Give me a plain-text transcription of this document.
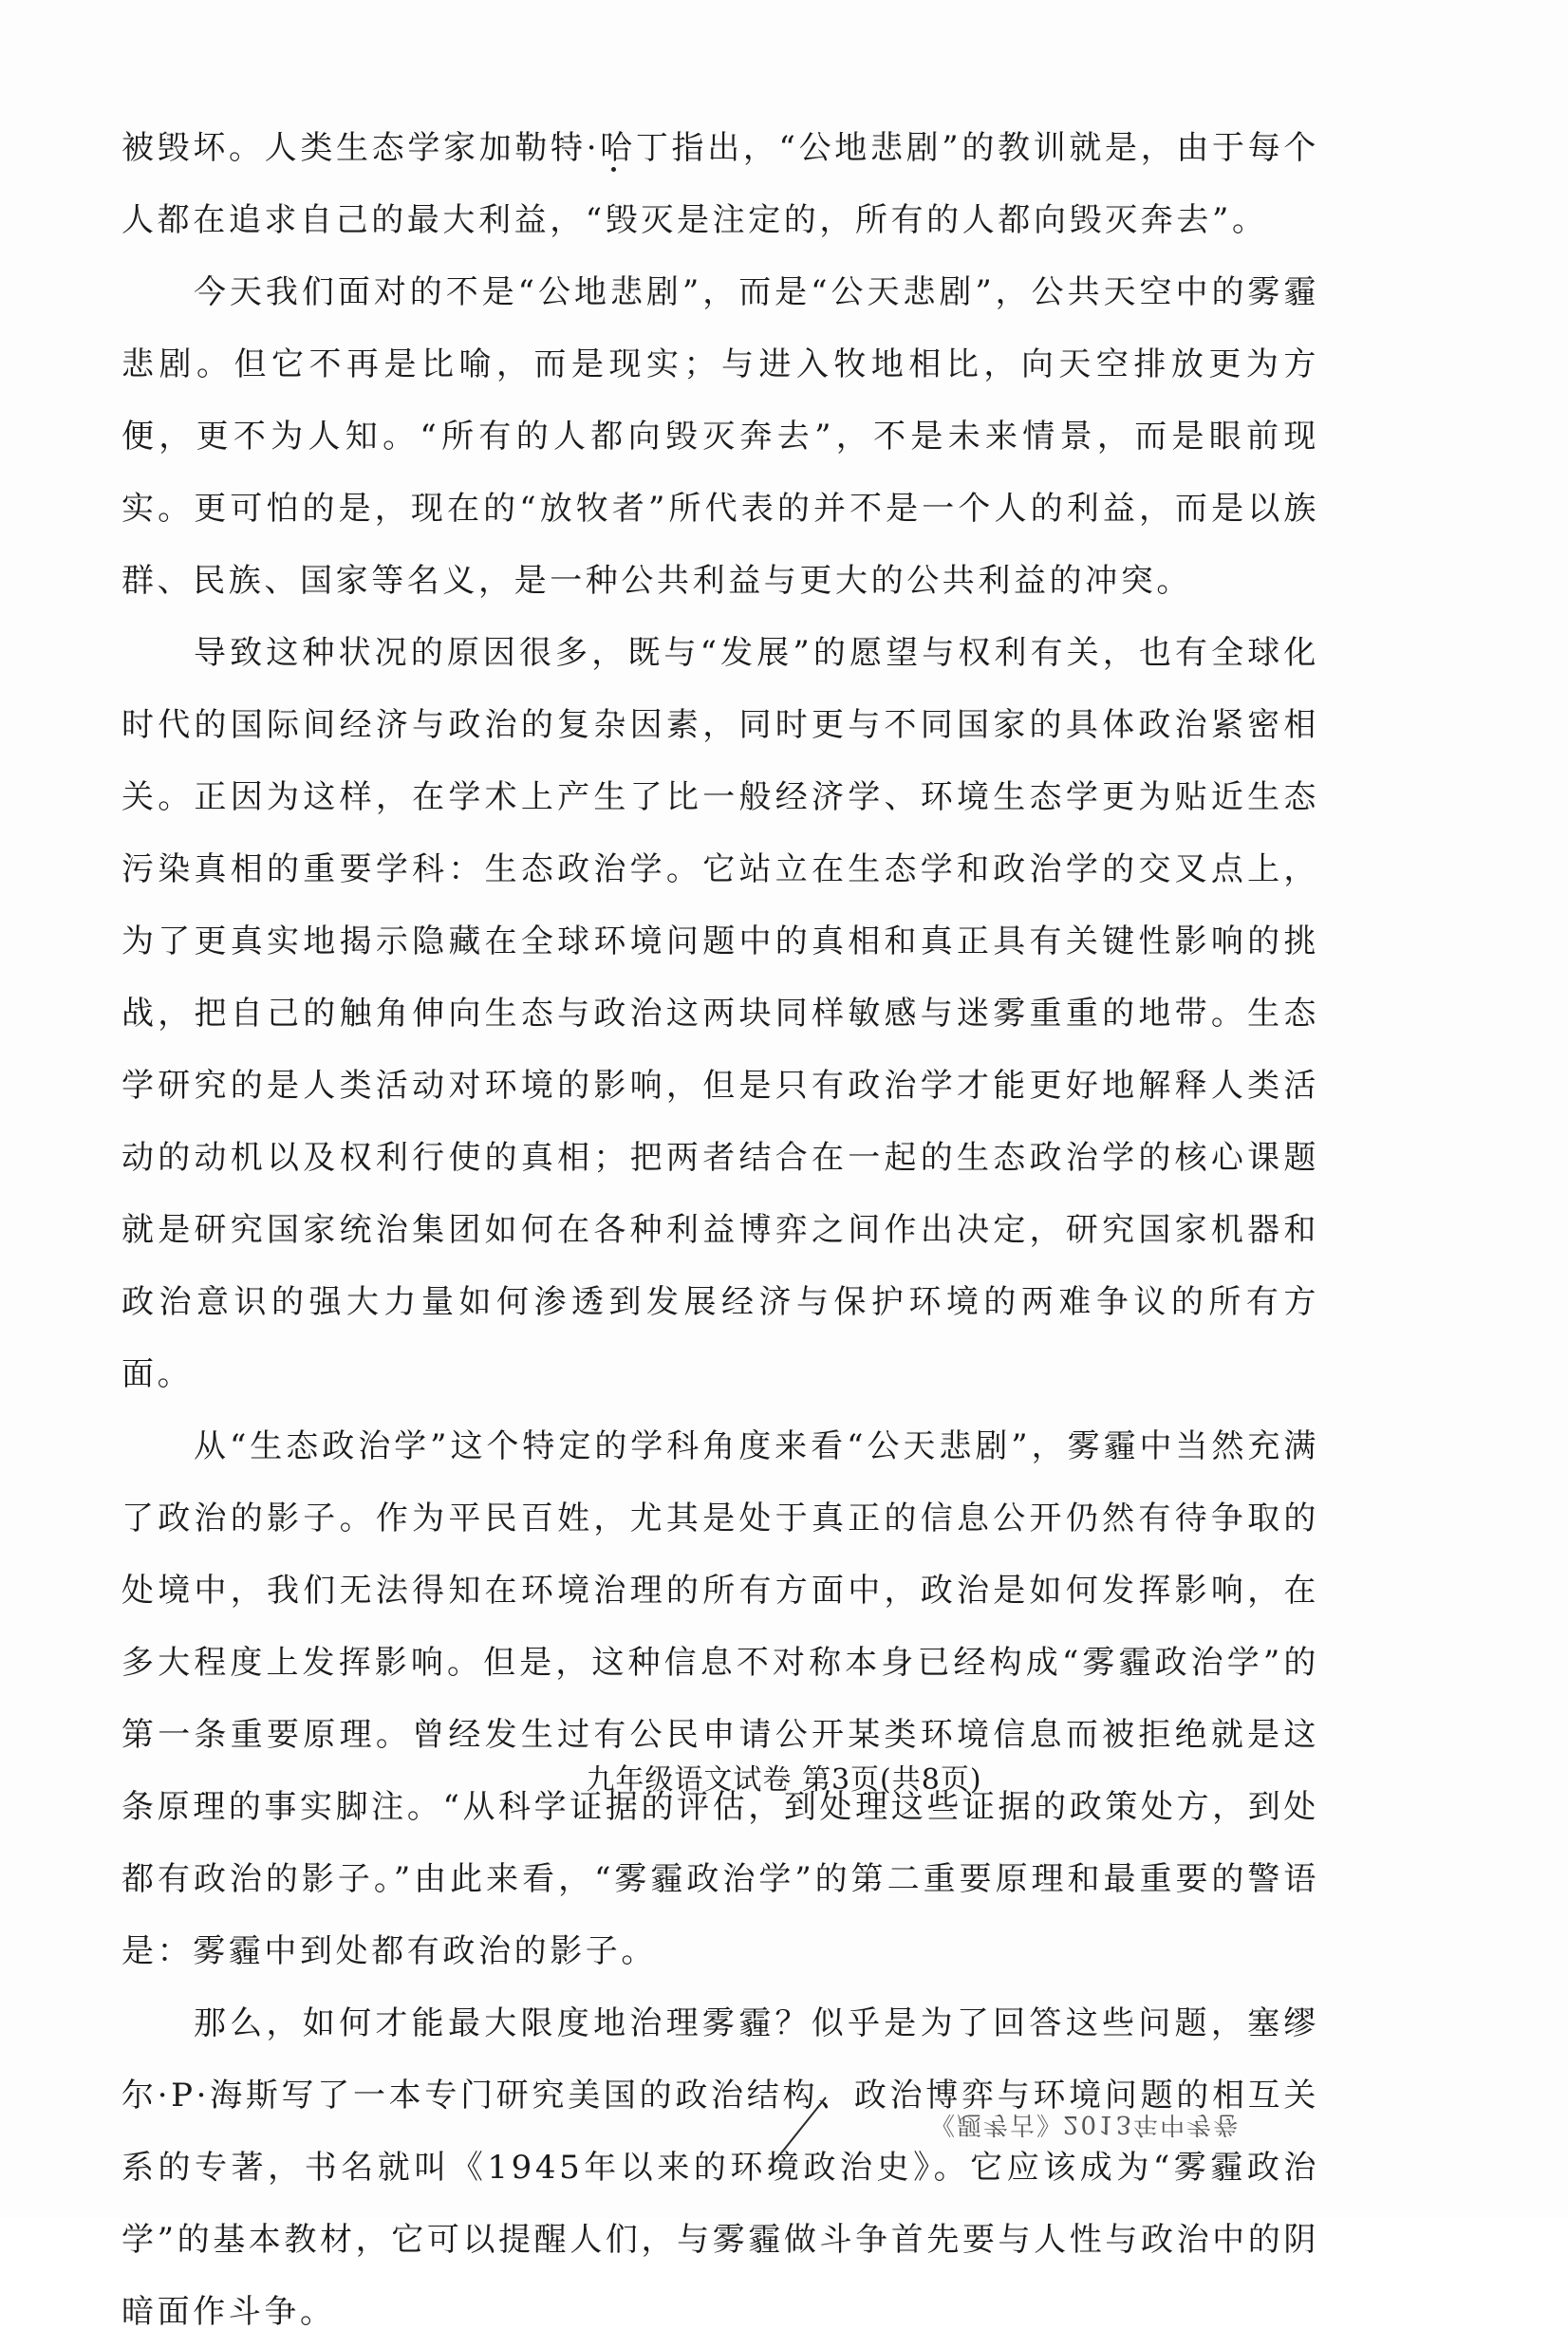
被毁坏。人类生态学家加勒特·哈丁指出，“公地悲剧”的教训就是，由于每个人都在追求自己的最大利益，“毁灭是注定的，所有的人都向毁灭奔去”。

今天我们面对的不是“公地悲剧”，而是“公天悲剧”，公共天空中的雾霾悲剧。但它不再是比喻，而是现实；与进入牧地相比，向天空排放更为方便，更不为人知。“所有的人都向毁灭奔去”，不是未来情景，而是眼前现实。更可怕的是，现在的“放牧者”所代表的并不是一个人的利益，而是以族群、民族、国家等名义，是一种公共利益与更大的公共利益的冲突。

导致这种状况的原因很多，既与“发展”的愿望与权利有关，也有全球化时代的国际间经济与政治的复杂因素，同时更与不同国家的具体政治紧密相关。正因为这样，在学术上产生了比一般经济学、环境生态学更为贴近生态污染真相的重要学科：生态政治学。它站立在生态学和政治学的交叉点上，为了更真实地揭示隐藏在全球环境问题中的真相和真正具有关键性影响的挑战，把自己的触角伸向生态与政治这两块同样敏感与迷雾重重的地带。生态学研究的是人类活动对环境的影响，但是只有政治学才能更好地解释人类活动的动机以及权利行使的真相；把两者结合在一起的生态政治学的核心课题就是研究国家统治集团如何在各种利益博弈之间作出决定，研究国家机器和政治意识的强大力量如何渗透到发展经济与保护环境的两难争议的所有方面。

从“生态政治学”这个特定的学科角度来看“公天悲剧”，雾霾中当然充满了政治的影子。作为平民百姓，尤其是处于真正的信息公开仍然有待争取的处境中，我们无法得知在环境治理的所有方面中，政治是如何发挥影响，在多大程度上发挥影响。但是，这种信息不对称本身已经构成“雾霾政治学”的第一条重要原理。曾经发生过有公民申请公开某类环境信息而被拒绝就是这条原理的事实脚注。“从科学证据的评估，到处理这些证据的政策处方，到处都有政治的影子。”由此来看，“雾霾政治学”的第二重要原理和最重要的警语是：雾霾中到处都有政治的影子。

那么，如何才能最大限度地治理雾霾？似乎是为了回答这些问题，塞缪尔·P·海斯写了一本专门研究美国的政治结构、政治博弈与环境问题的相互关系的专著，书名就叫《1945年以来的环境政治史》。它应该成为“雾霾政治学”的基本教材，它可以提醒人们，与雾霾做斗争首先要与人性与政治中的阴暗面作斗争。

九年级语文试卷 第3页(共8页)
《题考古》2013年中考卷
